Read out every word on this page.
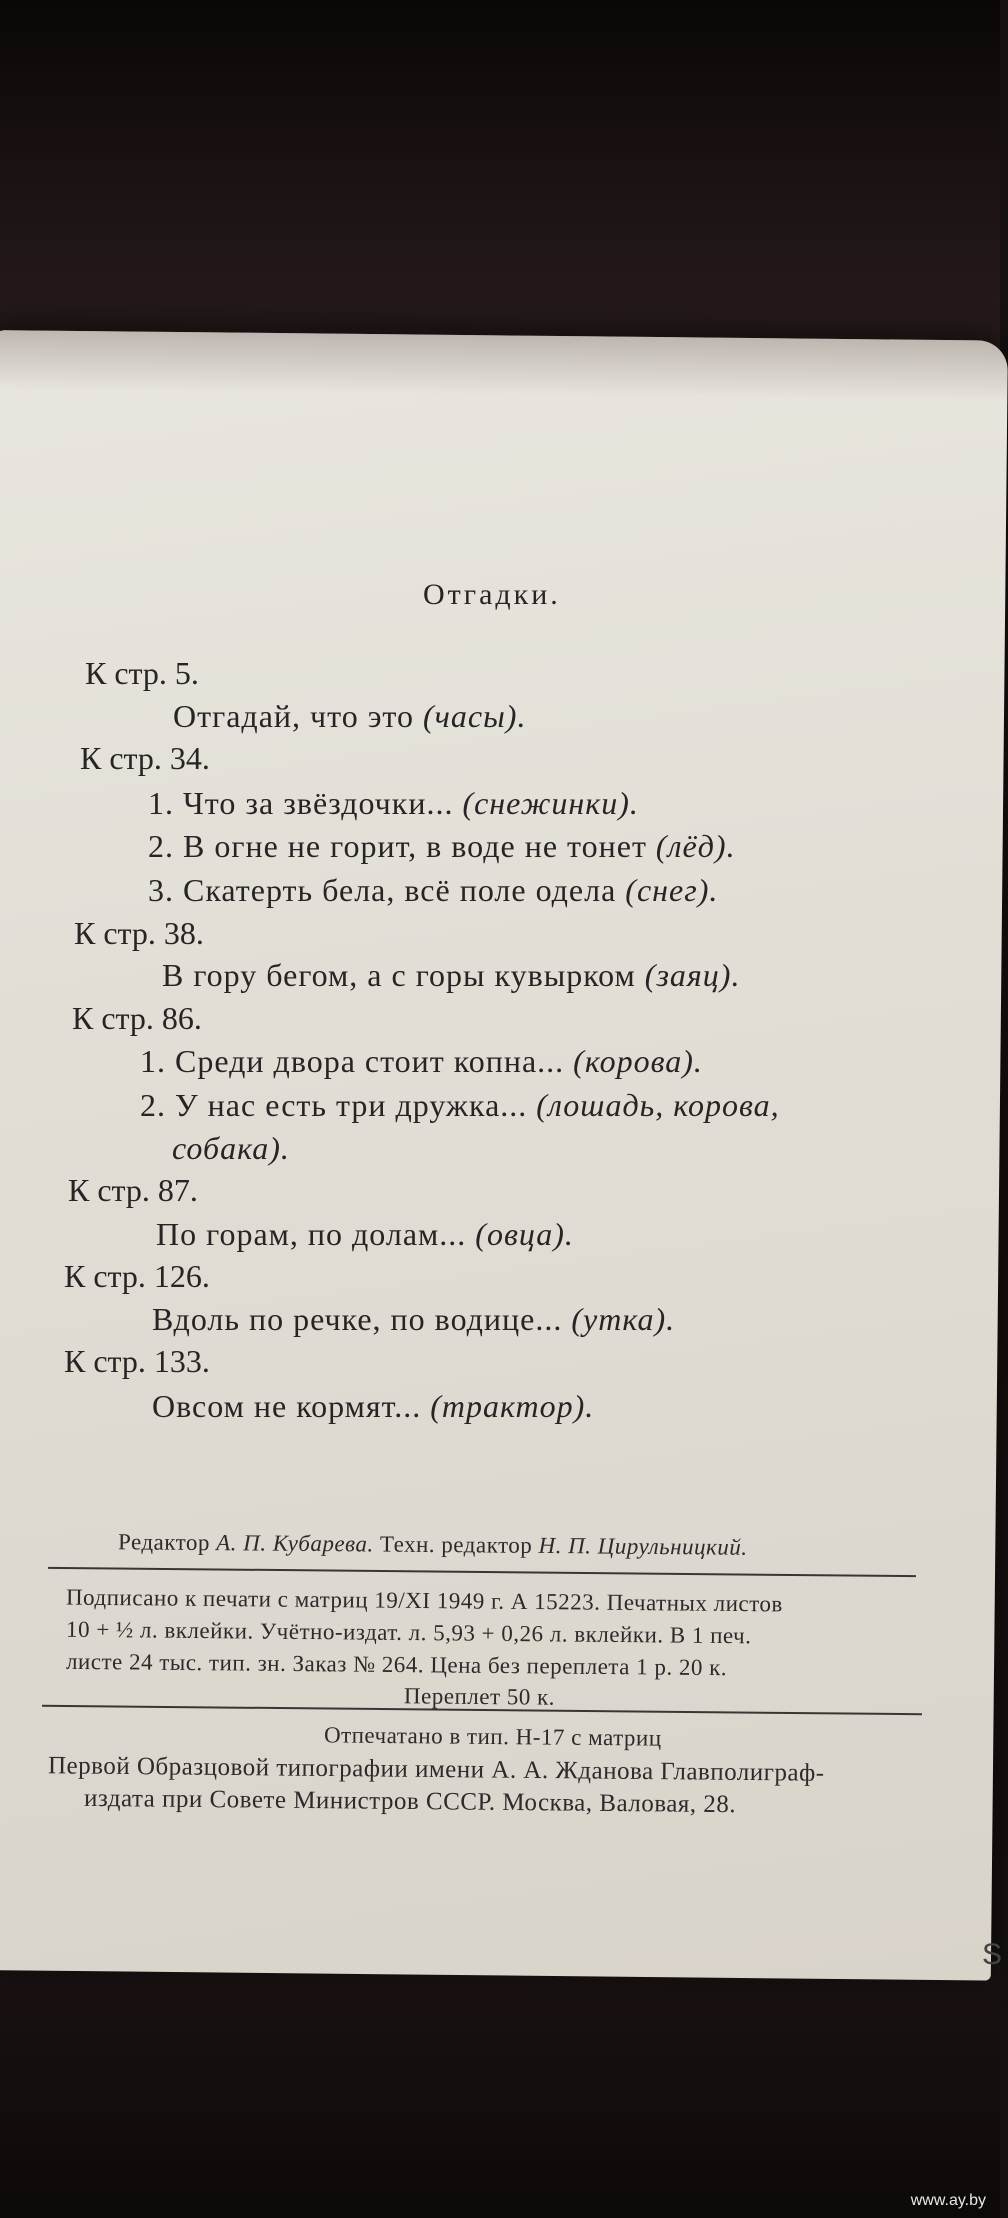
Отгадки.
К стр. 5.
Отгадай, что это (часы).
К стр. 34.
1. Что за звёздочки... (снежинки).
2. В огне не горит, в воде не тонет (лёд).
3. Скатерть бела, всё поле одела (снег).
К стр. 38.
В гору бегом, а с горы кувырком (заяц).
К стр. 86.
1. Среди двора стоит копна... (корова).
2. У нас есть три дружка... (лошадь, корова,
собака).
К стр. 87.
По горам, по долам... (овца).
К стр. 126.
Вдоль по речке, по водице... (утка).
К стр. 133.
Овсом не кормят... (трактор).
Редактор А. П. Кубарева. Техн. редактор Н. П. Цирульницкий.
Подписано к печати с матриц 19/XI 1949 г. А 15223. Печатных листов
10 + ½ л. вклейки. Учётно-издат. л. 5,93 + 0,26 л. вклейки. В 1 печ.
листе 24 тыс. тип. зн. Заказ № 264. Цена без переплета 1 р. 20 к.
Переплет 50 к.
Отпечатано в тип. Н-17 с матриц
Первой Образцовой типографии имени А. А. Жданова Главполиграф-
издата при Совете Министров СССР. Москва, Валовая, 28.
S
www.ay.by
